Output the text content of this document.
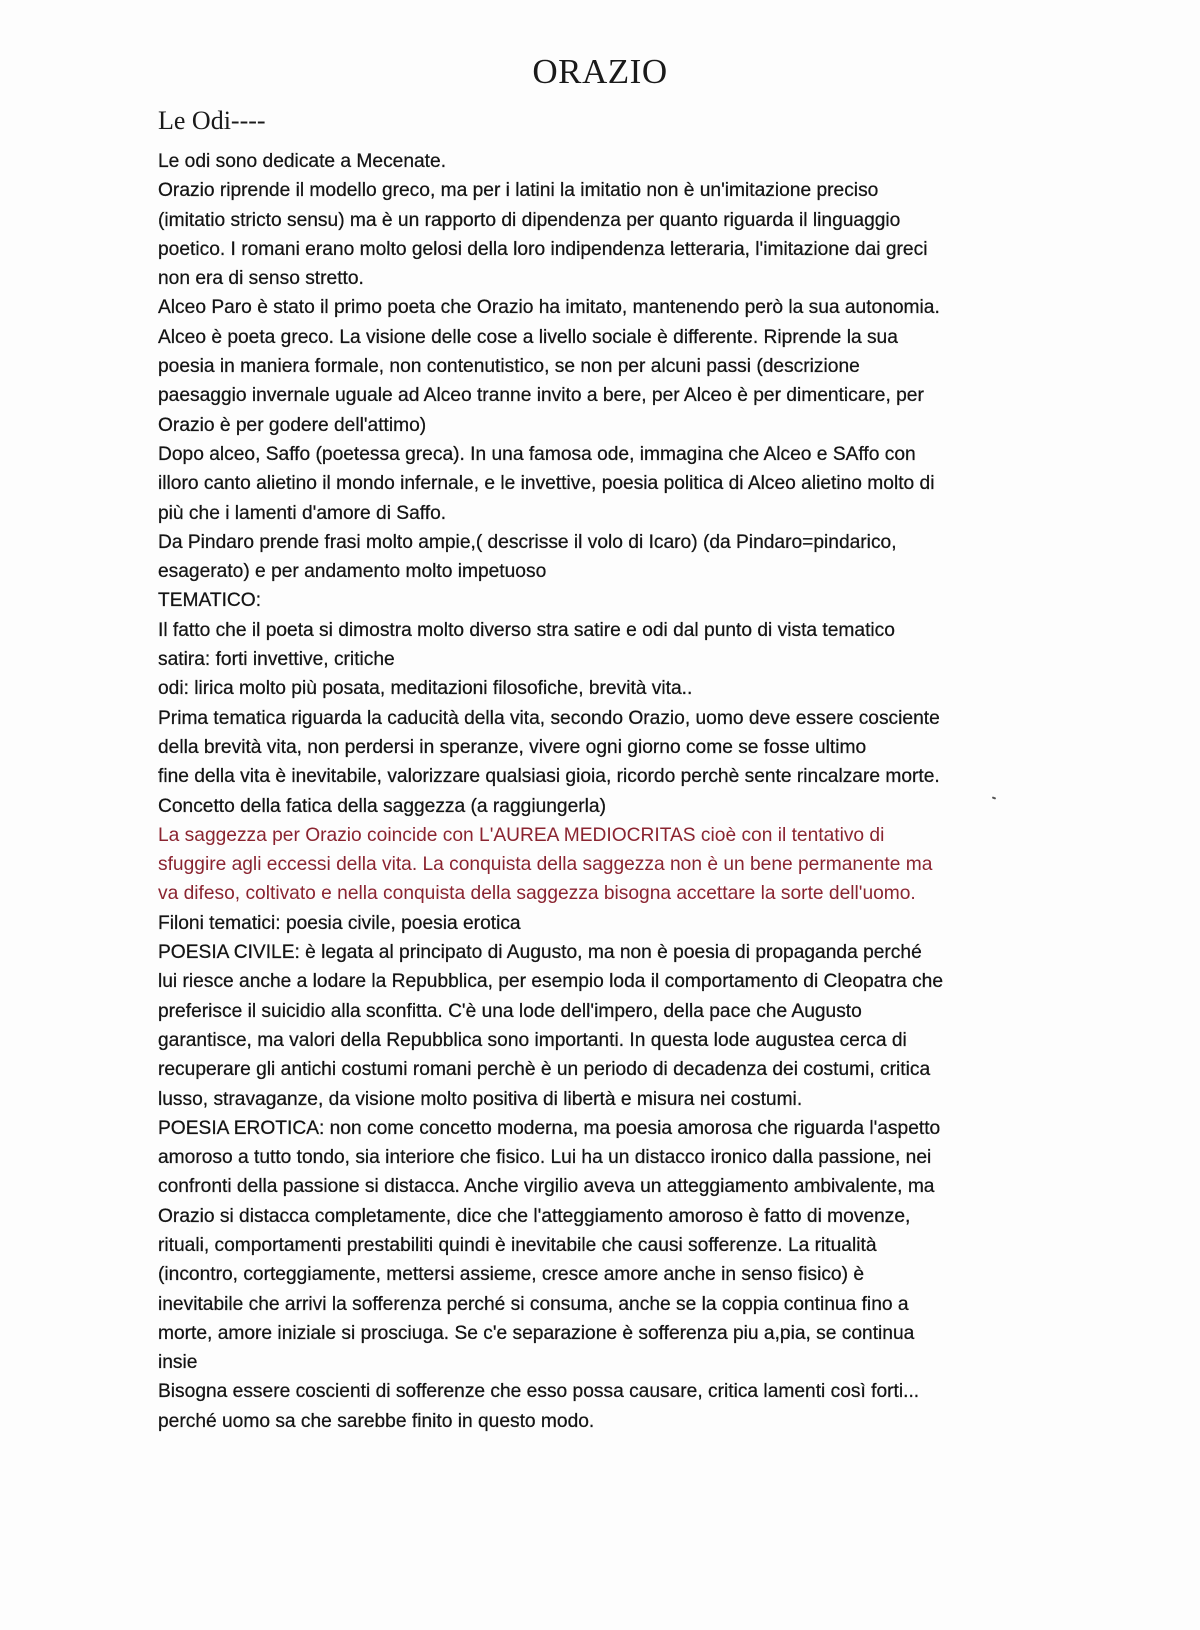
ORAZIO
Le Odi----
Le odi sono dedicate a Mecenate.
Orazio riprende il modello greco, ma per i latini la imitatio non è un'imitazione preciso
(imitatio stricto sensu) ma è un rapporto di dipendenza per quanto riguarda il linguaggio
poetico. I romani erano molto gelosi della loro indipendenza letteraria, l'imitazione dai greci
non era di senso stretto.
Alceo Paro è stato il primo poeta che Orazio ha imitato, mantenendo però la sua autonomia.
Alceo è poeta greco. La visione delle cose a livello sociale è differente. Riprende la sua
poesia in maniera formale, non contenutistico, se non per alcuni passi (descrizione
paesaggio invernale uguale ad Alceo tranne invito a bere, per Alceo è per dimenticare, per
Orazio è per godere dell'attimo)
Dopo alceo, Saffo (poetessa greca). In una famosa ode, immagina che Alceo e SAffo con
illoro canto alietino il mondo infernale, e le invettive, poesia politica di Alceo alietino molto di
più che i lamenti d'amore di Saffo.
Da Pindaro prende frasi molto ampie,( descrisse il volo di Icaro) (da Pindaro=pindarico,
esagerato) e per andamento molto impetuoso
TEMATICO:
Il fatto che il poeta si dimostra molto diverso stra satire e odi dal punto di vista tematico
satira: forti invettive, critiche
odi: lirica molto più posata, meditazioni filosofiche, brevità vita..
Prima tematica riguarda la caducità della vita, secondo Orazio, uomo deve essere cosciente
della brevità vita, non perdersi in speranze, vivere ogni giorno come se fosse ultimo
fine della vita è inevitabile, valorizzare qualsiasi gioia, ricordo perchè sente rincalzare morte.
Concetto della fatica della saggezza (a raggiungerla)
La saggezza per Orazio coincide con L'AUREA MEDIOCRITAS cioè con il tentativo di
sfuggire agli eccessi della vita. La conquista della saggezza non è un bene permanente ma
va difeso, coltivato e nella conquista della saggezza bisogna accettare la sorte dell'uomo.
Filoni tematici: poesia civile, poesia erotica
POESIA CIVILE: è legata al principato di Augusto, ma non è poesia di propaganda perché
lui riesce anche a lodare la Repubblica, per esempio loda il comportamento di Cleopatra che
preferisce il suicidio alla sconfitta. C'è una lode dell'impero, della pace che Augusto
garantisce, ma valori della Repubblica sono importanti. In questa lode augustea cerca di
recuperare gli antichi costumi romani perchè è un periodo di decadenza dei costumi, critica
lusso, stravaganze, da visione molto positiva di libertà e misura nei costumi.
POESIA EROTICA: non come concetto moderna, ma poesia amorosa che riguarda l'aspetto
amoroso a tutto tondo, sia interiore che fisico. Lui ha un distacco ironico dalla passione, nei
confronti della passione si distacca. Anche virgilio aveva un atteggiamento ambivalente, ma
Orazio si distacca completamente, dice che l'atteggiamento amoroso è fatto di movenze,
rituali, comportamenti prestabiliti quindi è inevitabile che causi sofferenze. La ritualità
(incontro, corteggiamente, mettersi assieme, cresce amore anche in senso fisico) è
inevitabile che arrivi la sofferenza perché si consuma, anche se la coppia continua fino a
morte, amore iniziale si prosciuga. Se c'e separazione è sofferenza piu a,pia, se continua
insie
Bisogna essere coscienti di sofferenze che esso possa causare, critica lamenti così forti...
perché uomo sa che sarebbe finito in questo modo.
